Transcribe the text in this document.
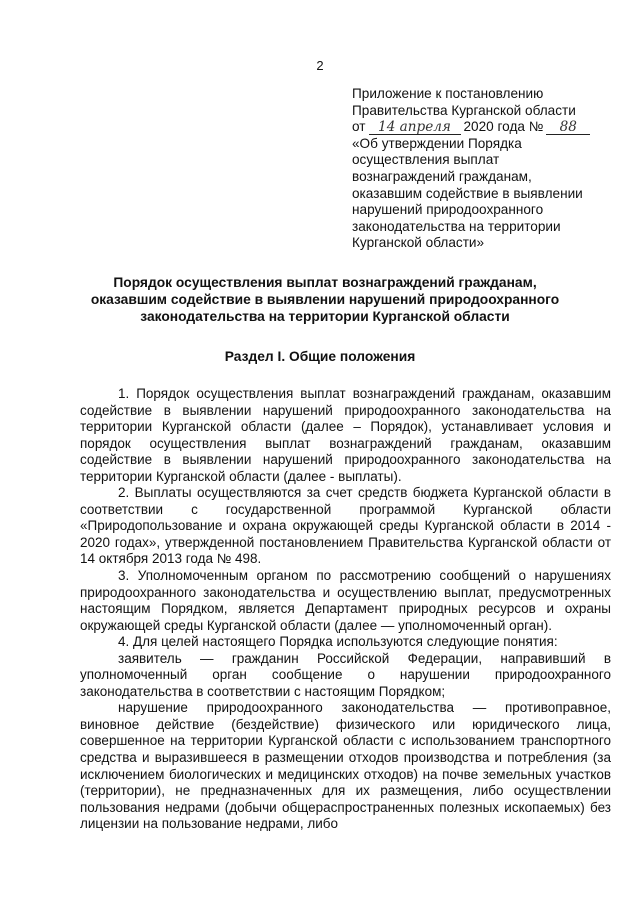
2
Приложение к постановлению
Правительства Курганской области
от 14 апреля 2020 года № 88
«Об утверждении Порядка
осуществления выплат
вознаграждений гражданам,
оказавшим содействие в выявлении
нарушений природоохранного
законодательства на территории
Курганской области»
Порядок осуществления выплат вознаграждений гражданам, оказавшим содействие в выявлении нарушений природоохранного законодательства на территории Курганской области
Раздел I. Общие положения

1. Порядок осуществления выплат вознаграждений гражданам, оказавшим содействие в выявлении нарушений природоохранного законодательства на территории Курганской области (далее – Порядок), устанавливает условия и порядок осуществления выплат вознаграждений гражданам, оказавшим содействие в выявлении нарушений природоохранного законодательства на территории Курганской области (далее - выплаты).

2. Выплаты осуществляются за счет средств бюджета Курганской области в соответствии с государственной программой Курганской области «Природопользование и охрана окружающей среды Курганской области в 2014 - 2020 годах», утвержденной постановлением Правительства Курганской области от 14 октября 2013 года № 498.

3. Уполномоченным органом по рассмотрению сообщений о нарушениях природоохранного законодательства и осуществлению выплат, предусмотренных настоящим Порядком, является Департамент природных ресурсов и охраны окружающей среды Курганской области (далее — уполномоченный орган).

4. Для целей настоящего Порядка используются следующие понятия:

заявитель — гражданин Российской Федерации, направивший в уполномоченный орган сообщение о нарушении природоохранного законодательства в соответствии с настоящим Порядком;

нарушение природоохранного законодательства — противоправное, виновное действие (бездействие) физического или юридического лица, совершенное на территории Курганской области с использованием транспортного средства и выразившееся в размещении отходов производства и потребления (за исключением биологических и медицинских отходов) на почве земельных участков (территории), не предназначенных для их размещения, либо осуществлении пользования недрами (добычи общераспространенных полезных ископаемых) без лицензии на пользование недрами, либо
